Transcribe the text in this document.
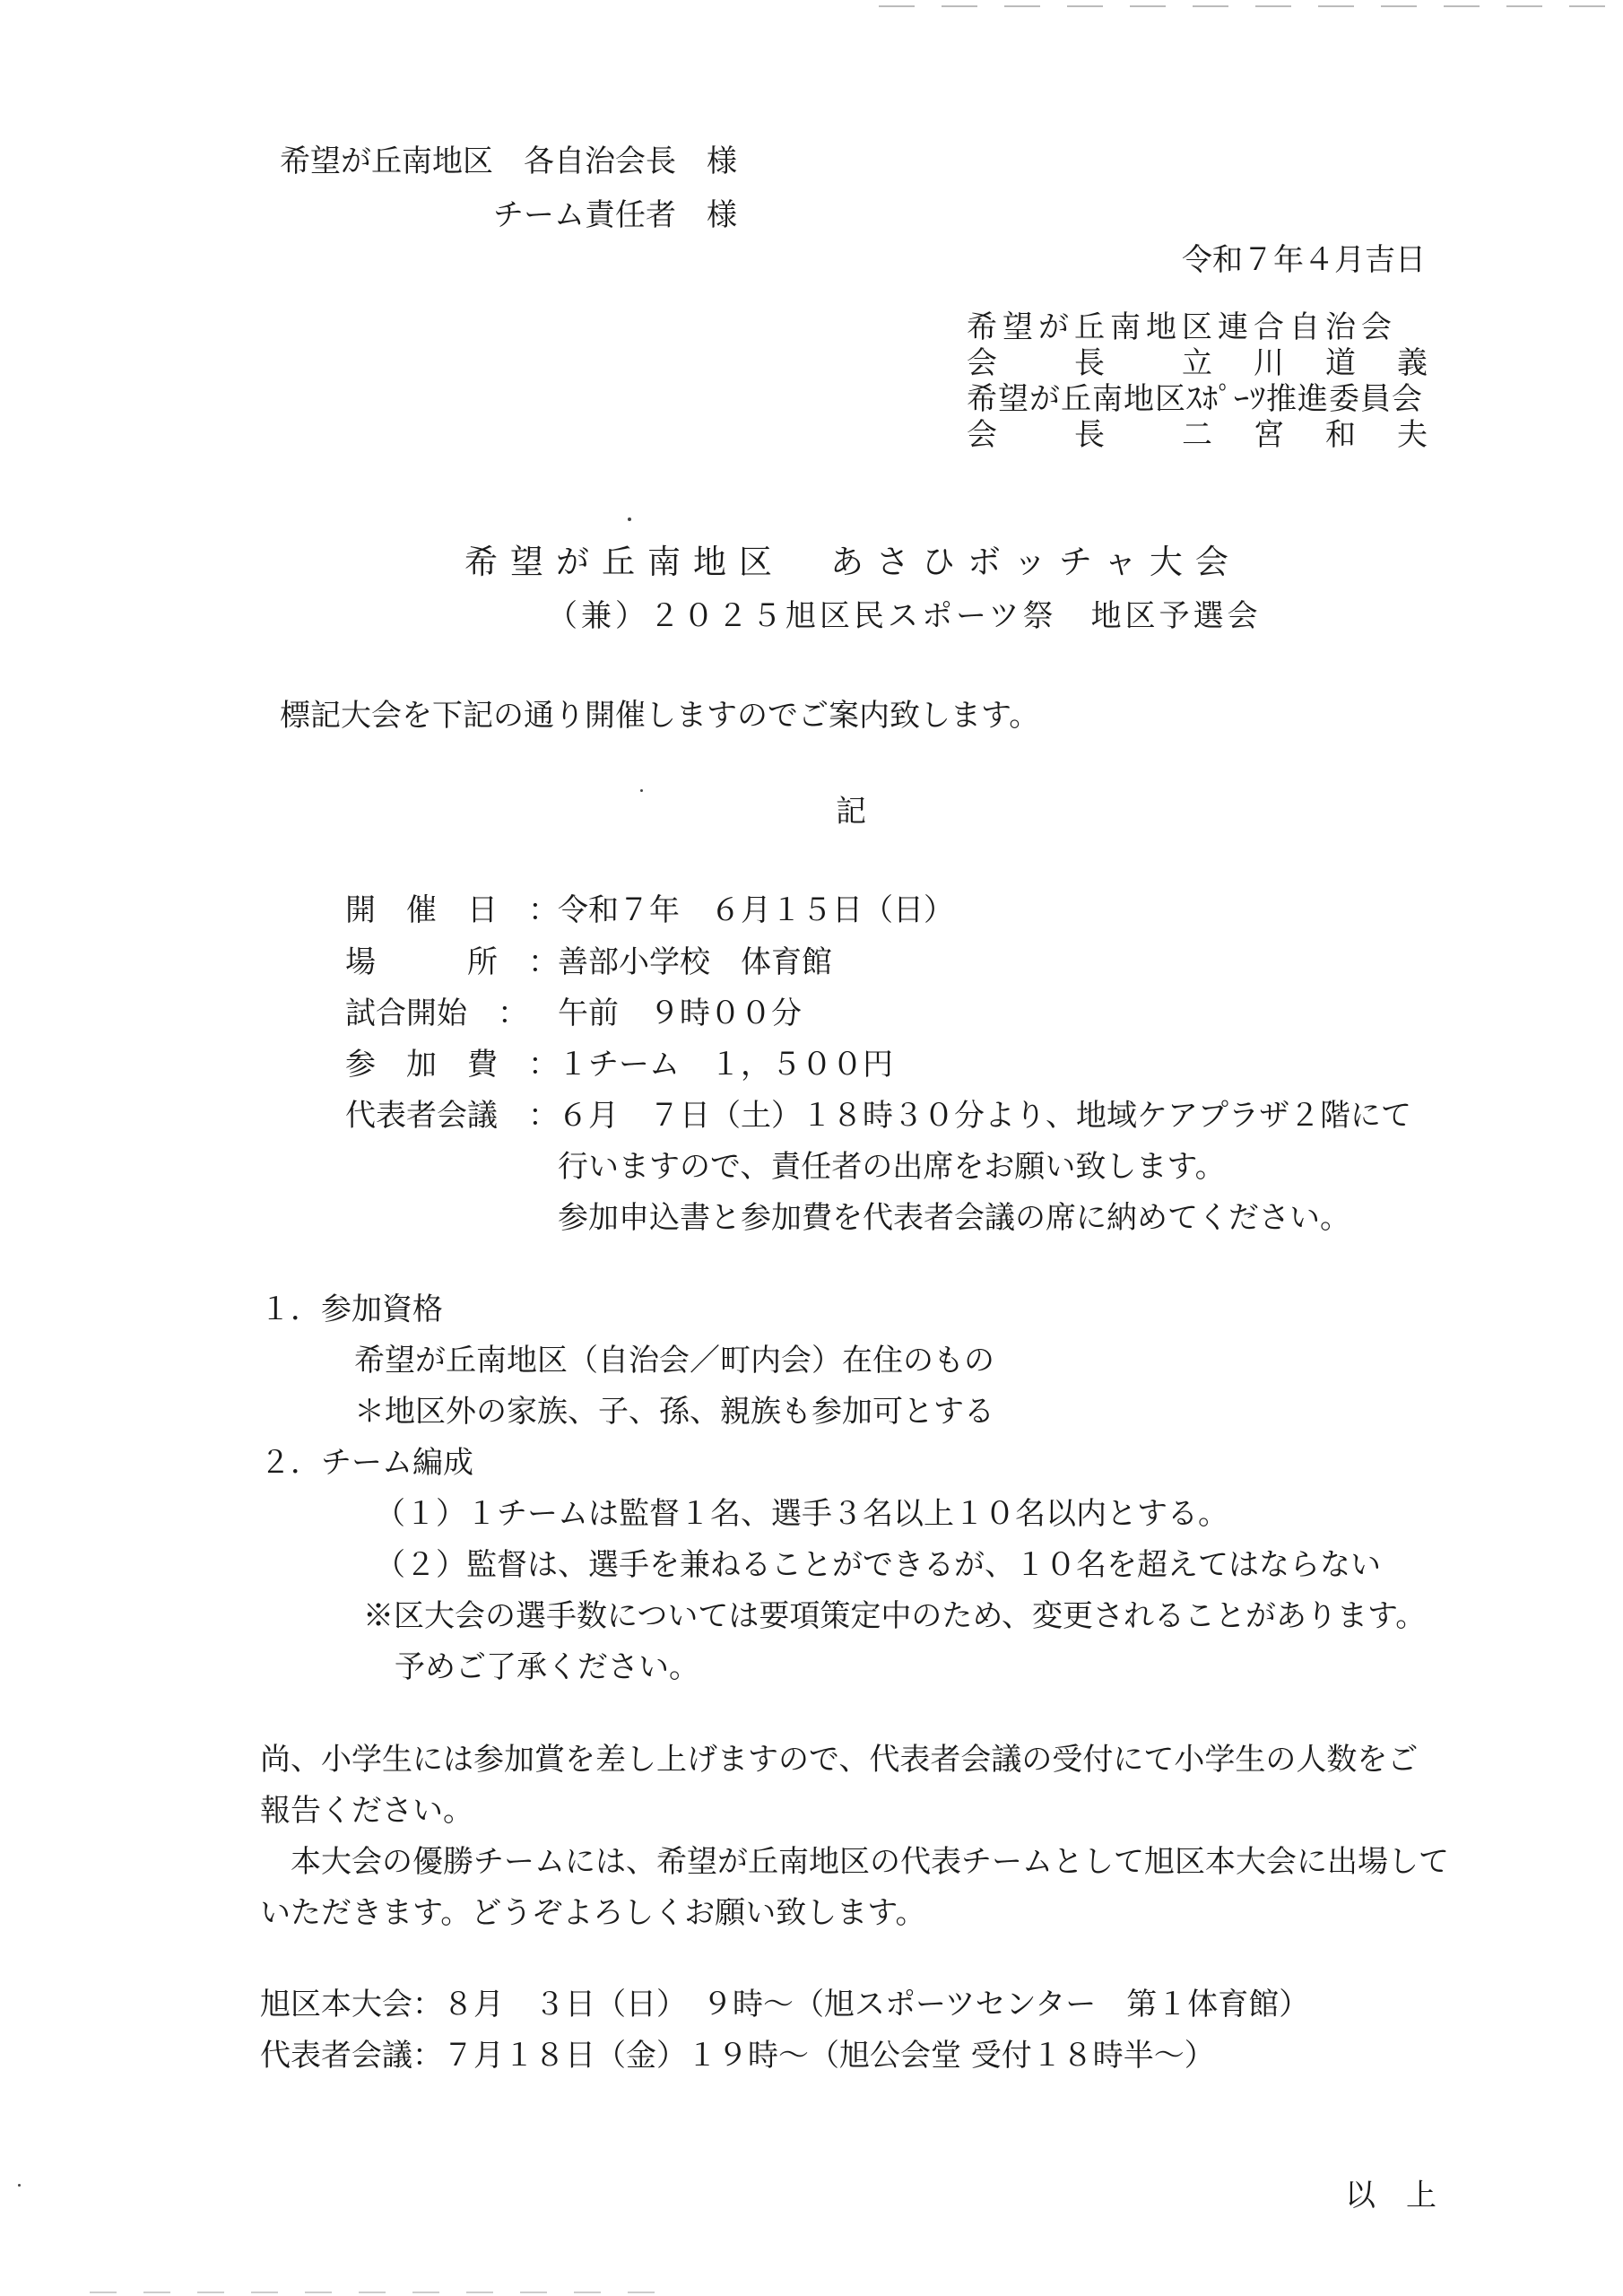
希望が丘南地区　各自治会長　様
チーム責任者　様
令和７年４月吉日
希望が丘南地区連合自治会
会　　長　　立　川　道　義
希望が丘南地区ｽﾎﾟｰﾂ推進委員会
会　　長　　二　宮　和　夫
希望が丘南地区　あさひボッチャ大会
（兼）２０２５旭区民スポーツ祭　地区予選会
標記大会を下記の通り開催しますのでご案内致します。
記
開　催　日　： 令和７年　６月１５日（日）
場　　　所　： 善部小学校　体育館
試合開始　： 午前　９時００分
参　加　費　： １チーム　１，５００円
代表者会議　： ６月　７日（土）１８時３０分より、地域ケアプラザ２階にて
行いますので、責任者の出席をお願い致します。
参加申込書と参加費を代表者会議の席に納めてください。
１．参加資格
希望が丘南地区（自治会／町内会）在住のもの
＊地区外の家族、子、孫、親族も参加可とする
２．チーム編成
（１）１チームは監督１名、選手３名以上１０名以内とする。
（２）監督は、選手を兼ねることができるが、１０名を超えてはならない
※区大会の選手数については要項策定中のため、変更されることがあります。
予めご了承ください。
尚、小学生には参加賞を差し上げますので、代表者会議の受付にて小学生の人数をご
報告ください。
本大会の優勝チームには、希望が丘南地区の代表チームとして旭区本大会に出場して
いただきます。どうぞよろしくお願い致します。
旭区本大会：８月　３日（日）　９時～（旭スポーツセンター　第１体育館）
代表者会議：７月１８日（金）１９時～（旭公会堂 受付１８時半～）
以　上
